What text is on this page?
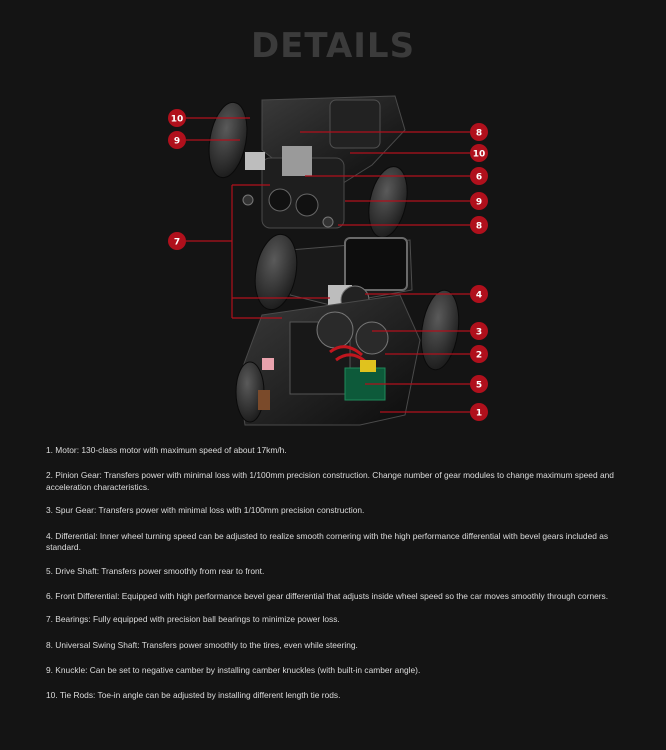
DETAILS
10
9
7
8
10
6
9
8
4
3
2
5
1

1. Motor: 130-class motor with maximum speed of about 17km/h.

2. Pinion Gear: Transfers power with minimal loss with 1/100mm precision construction. Change number of gear modules to change maximum speed and acceleration characteristics.

3. Spur Gear: Transfers power with minimal loss with 1/100mm precision construction.

4. Differential: Inner wheel turning speed can be adjusted to realize smooth cornering with the high performance differential with bevel gears included as standard.

5. Drive Shaft: Transfers power smoothly from rear to front.

6. Front Differential: Equipped with high performance bevel gear differential that adjusts inside wheel speed so the car moves smoothly through corners.

7. Bearings: Fully equipped with precision ball bearings to minimize power loss.

8. Universal Swing Shaft: Transfers power smoothly to the tires, even while steering.

9. Knuckle: Can be set to negative camber by installing camber knuckles (with built-in camber angle).

10. Tie Rods: Toe-in angle can be adjusted by installing different length tie rods.
